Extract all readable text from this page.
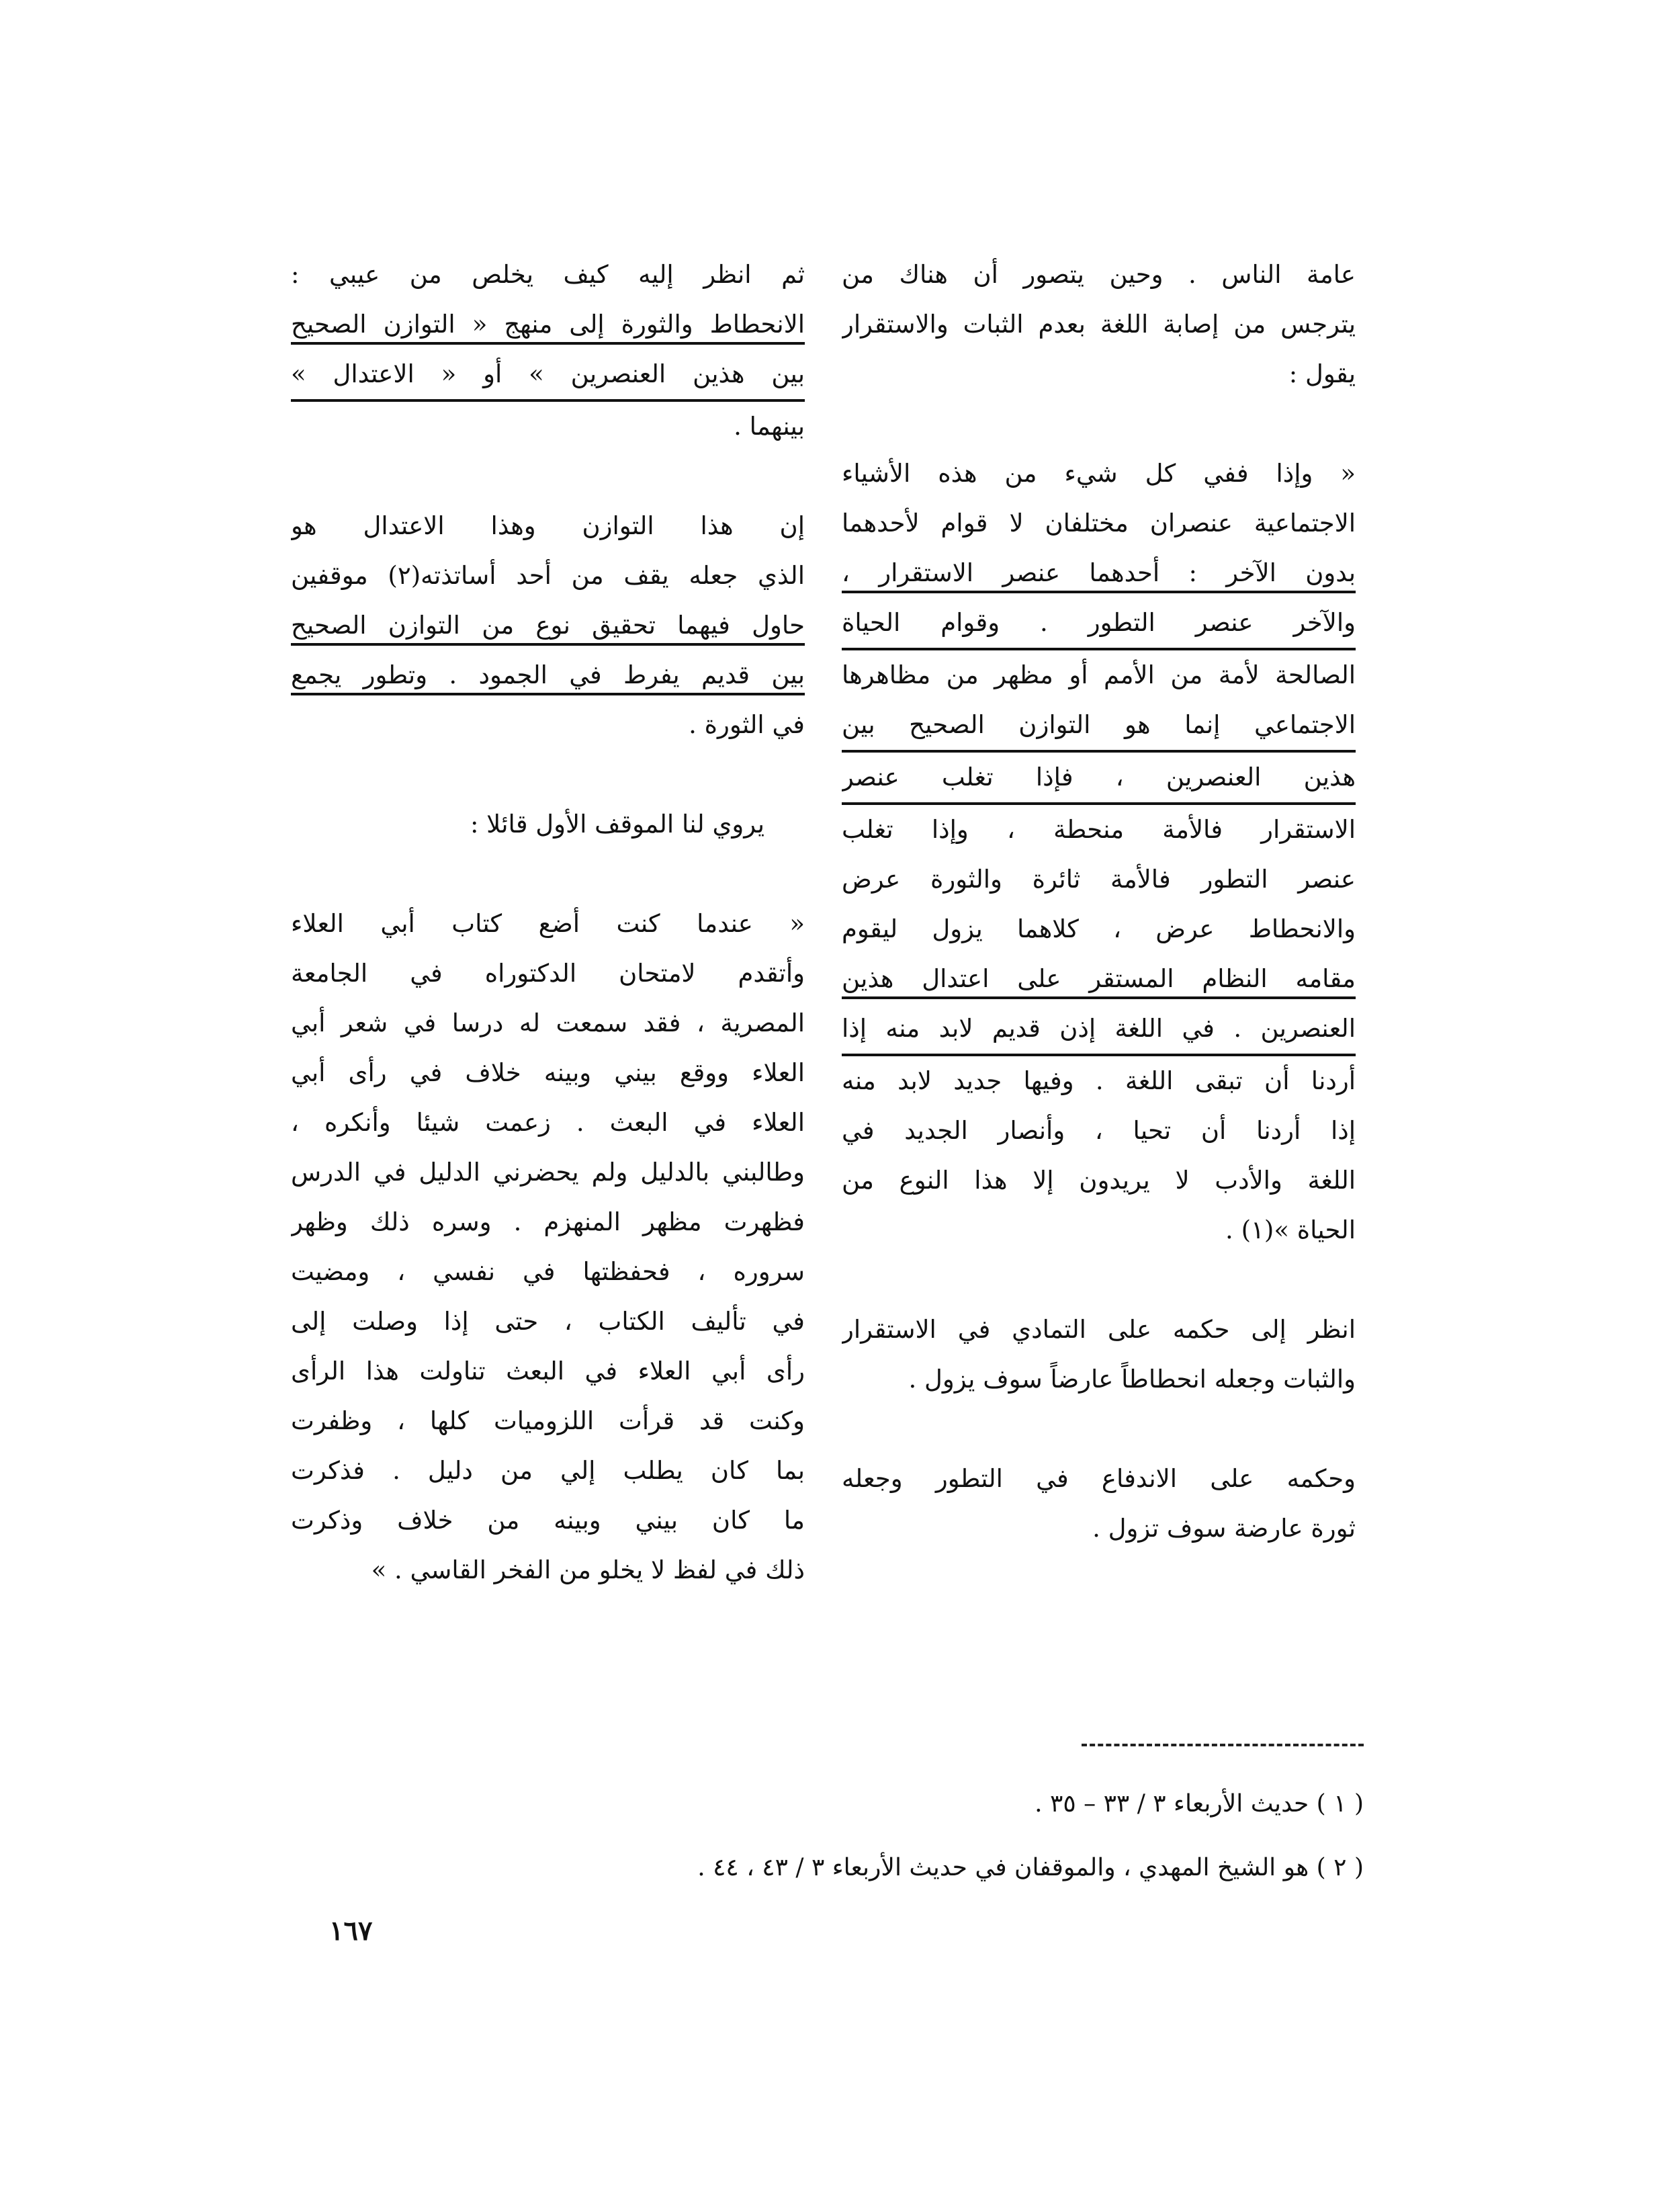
عامة الناس . وحين يتصور أن هناك من
يترجس من إصابة اللغة بعدم الثبات والاستقرار
يقول :
« وإذا ففي كل شيء من هذه الأشياء
الاجتماعية عنصران مختلفان لا قوام لأحدهما
بدون الآخر : أحدهما عنصر الاستقرار ،
والآخر عنصر التطور . وقوام الحياة
الصالحة لأمة من الأمم أو مظهر من مظاهرها
الاجتماعي إنما هو التوازن الصحيح بين
هذين العنصرين ، فإذا تغلب عنصر
الاستقرار فالأمة منحطة ، وإذا تغلب
عنصر التطور فالأمة ثائرة والثورة عرض
والانحطاط عرض ، كلاهما يزول ليقوم
مقامه النظام المستقر على اعتدال هذين
العنصرين . في اللغة إذن قديم لابد منه إذا
أردنا أن تبقى اللغة . وفيها جديد لابد منه
إذا أردنا أن تحيا ، وأنصار الجديد في
اللغة والأدب لا يريدون إلا هذا النوع من
الحياة »(١) .
انظر إلى حكمه على التمادي في الاستقرار
والثبات وجعله انحطاطاً عارضاً سوف يزول .
وحكمه على الاندفاع في التطور وجعله
ثورة عارضة سوف تزول .
ثم انظر إليه كيف يخلص من عيبي :
الانحطاط والثورة إلى منهج « التوازن الصحيح
بين هذين العنصرين » أو « الاعتدال »
بينهما .
إن هذا التوازن وهذا الاعتدال هو
الذي جعله يقف من أحد أساتذته(٢) موقفين
حاول فيهما تحقيق نوع من التوازن الصحيح
بين قديم يفرط في الجمود . وتطور يجمع
في الثورة .
يروي لنا الموقف الأول قائلا :
« عندما كنت أضع كتاب أبي العلاء
وأتقدم لامتحان الدكتوراه في الجامعة
المصرية ، فقد سمعت له درسا في شعر أبي
العلاء ووقع بيني وبينه خلاف في رأى أبي
العلاء في البعث . زعمت شيئا وأنكره ،
وطالبني بالدليل ولم يحضرني الدليل في الدرس
فظهرت مظهر المنهزم . وسره ذلك وظهر
سروره ، فحفظتها في نفسي ، ومضيت
في تأليف الكتاب ، حتى إذا وصلت إلى
رأى أبي العلاء في البعث تناولت هذا الرأى
وكنت قد قرأت اللزوميات كلها ، وظفرت
بما كان يطلب إلي من دليل . فذكرت
ما كان بيني وبينه من خلاف وذكرت
ذلك في لفظ لا يخلو من الفخر القاسي . »
( ١ ) حديث الأربعاء ٣ / ٣٣ – ٣٥ .
( ٢ ) هو الشيخ المهدي ، والموقفان في حديث الأربعاء ٣ / ٤٣ ، ٤٤ .
١٦٧
